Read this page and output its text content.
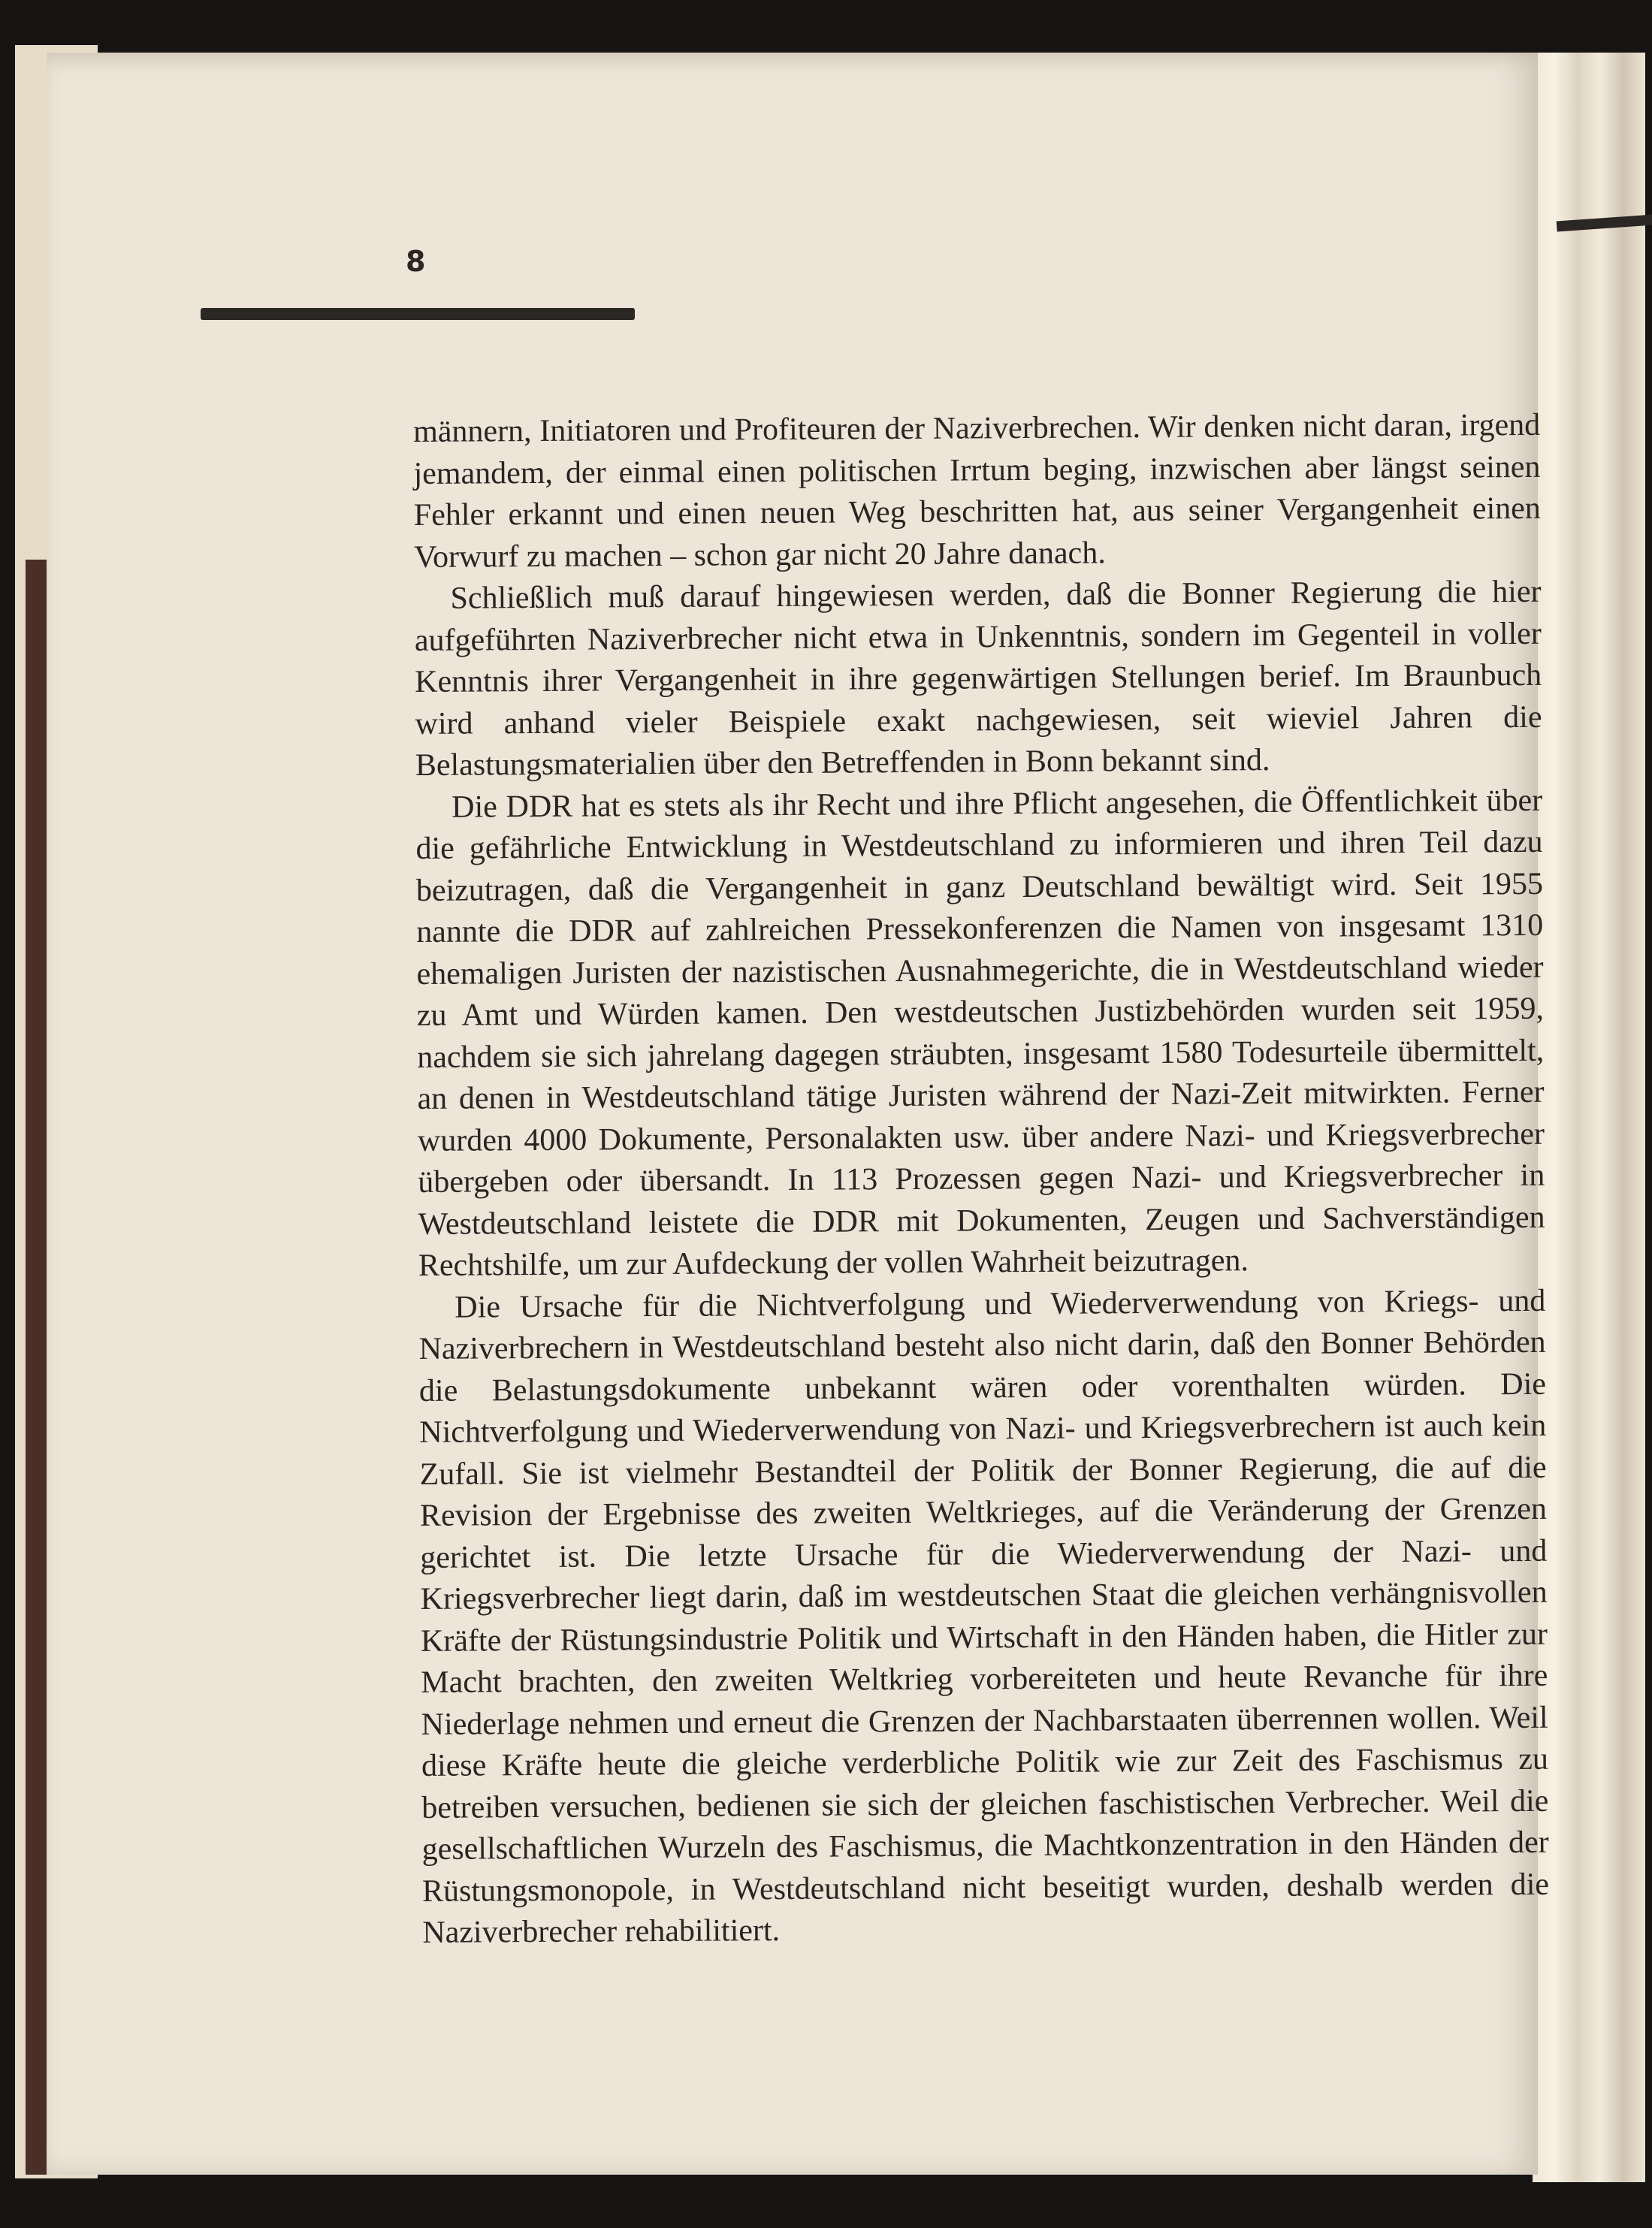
8

männern, Initiatoren und Profiteuren der Naziverbrechen. Wir denken nicht daran, irgend jemandem, der einmal einen politischen Irrtum beging, inzwischen aber längst seinen Fehler erkannt und einen neuen Weg beschritten hat, aus seiner Vergangenheit einen Vorwurf zu machen – schon gar nicht 20 Jahre danach.

Schließlich muß darauf hingewiesen werden, daß die Bonner Regierung die hier aufgeführten Naziverbrecher nicht etwa in Unkenntnis, sondern im Gegenteil in voller Kenntnis ihrer Vergangenheit in ihre gegenwärtigen Stellungen berief. Im Braunbuch wird anhand vieler Beispiele exakt nachgewiesen, seit wieviel Jahren die Belastungsmaterialien über den Betreffenden in Bonn bekannt sind.

Die DDR hat es stets als ihr Recht und ihre Pflicht angesehen, die Öffentlichkeit über die gefährliche Entwicklung in Westdeutschland zu informieren und ihren Teil dazu beizutragen, daß die Vergangenheit in ganz Deutschland bewältigt wird. Seit 1955 nannte die DDR auf zahlreichen Pressekonferenzen die Namen von insgesamt 1310 ehemaligen Juristen der nazistischen Ausnahmegerichte, die in Westdeutschland wieder zu Amt und Würden kamen. Den westdeutschen Justizbehörden wurden seit 1959, nachdem sie sich jahrelang dagegen sträubten, insgesamt 1580 Todesurteile übermittelt, an denen in Westdeutschland tätige Juristen während der Nazi-Zeit mitwirkten. Ferner wurden 4000 Dokumente, Personalakten usw. über andere Nazi- und Kriegsverbrecher übergeben oder übersandt. In 113 Prozessen gegen Nazi- und Kriegsverbrecher in Westdeutschland leistete die DDR mit Dokumenten, Zeugen und Sachverständigen Rechtshilfe, um zur Aufdeckung der vollen Wahrheit beizutragen.

Die Ursache für die Nichtverfolgung und Wiederverwendung von Kriegs- und Naziverbrechern in Westdeutschland besteht also nicht darin, daß den Bonner Behörden die Belastungsdokumente unbekannt wären oder vorenthalten würden. Die Nichtverfolgung und Wiederverwendung von Nazi- und Kriegsverbrechern ist auch kein Zufall. Sie ist vielmehr Bestandteil der Politik der Bonner Regierung, die auf die Revision der Ergebnisse des zweiten Weltkrieges, auf die Veränderung der Grenzen gerichtet ist. Die letzte Ursache für die Wiederverwendung der Nazi- und Kriegsverbrecher liegt darin, daß im westdeutschen Staat die gleichen verhängnisvollen Kräfte der Rüstungsindustrie Politik und Wirtschaft in den Händen haben, die Hitler zur Macht brachten, den zweiten Weltkrieg vorbereiteten und heute Revanche für ihre Niederlage nehmen und erneut die Grenzen der Nachbarstaaten überrennen wollen. Weil diese Kräfte heute die gleiche verderbliche Politik wie zur Zeit des Faschismus zu betreiben versuchen, bedienen sie sich der gleichen faschistischen Verbrecher. Weil die gesellschaftlichen Wurzeln des Faschismus, die Machtkonzentration in den Händen der Rüstungsmonopole, in Westdeutschland nicht beseitigt wurden, deshalb werden die Naziverbrecher rehabilitiert.
